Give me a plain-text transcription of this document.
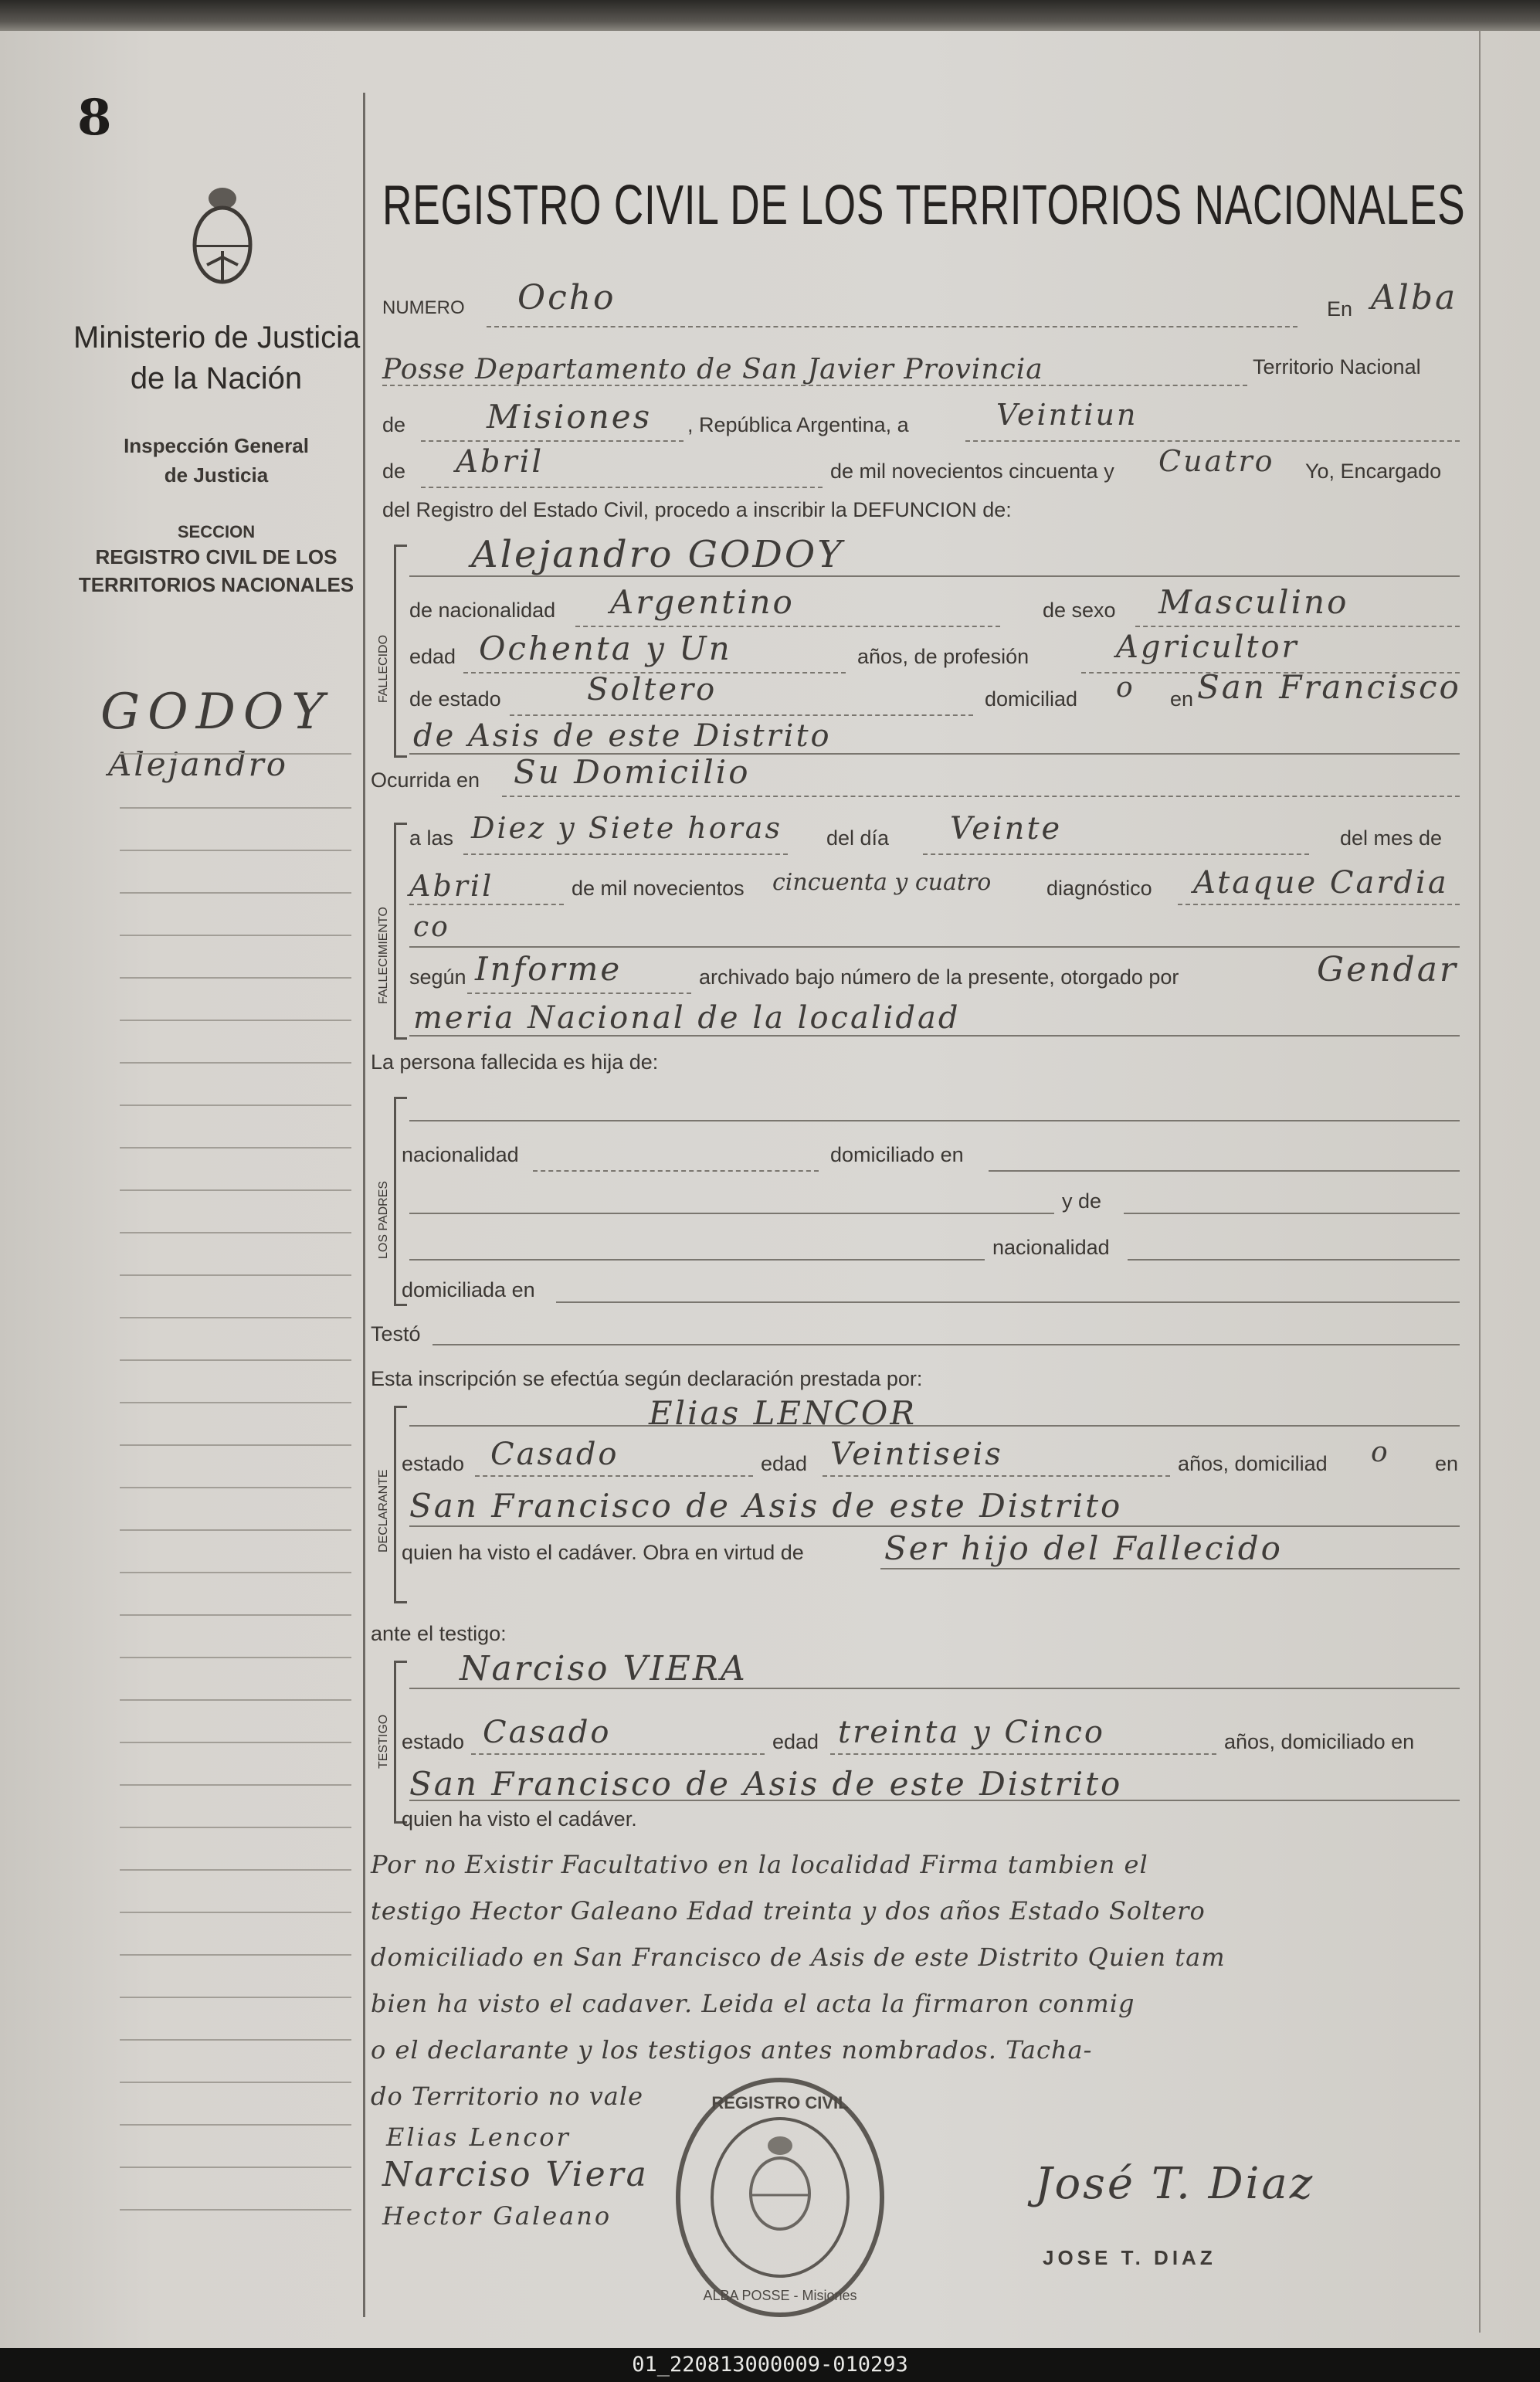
8
Ministerio de Justicia
de la Nación
Inspección General
de Justicia
SECCION
REGISTRO CIVIL DE LOS
TERRITORIOS NACIONALES
GODOY
Alejandro
REGISTRO CIVIL DE LOS TERRITORIOS NACIONALES
NUMERO Ocho	En Alba
Posse Departamento de San Javier Provincia	Territorio Nacional
de Misiones , República Argentina, a	Veintiun
de Abril	de mil novecientos cincuenta y Cuatro Yo, Encargado
del Registro del Estado Civil, procedo a inscribir la DEFUNCION de:
FALLECIDO
Alejandro GODOY
de nacionalidad Argentino	de sexo Masculino
edad Ochenta y Un	años, de profesión	Agricultor
de estado	Soltero	domiciliad o en San Francisco
de Asis de este Distrito
Ocurrida en Su Domicilio
FALLECIMIENTO
a las Diez y Siete horas del día Veinte	del mes de
Abril	de mil novecientos cincuenta y cuatro	diagnóstico Ataque Cardia
co
según Informe	archivado bajo número de la presente, otorgado por	Gendar
meria Nacional de la localidad
La persona fallecida es hija de:
LOS PADRES
nacionalidad	domiciliado en
y de
nacionalidad
domiciliada en
Testó
Esta inscripción se efectúa según declaración prestada por:
DECLARANTE
Elias LENCOR
estado Casado	edad Veintiseis	años, domiciliad o en
San Francisco de Asis de este Distrito
quien ha visto el cadáver. Obra en virtud de Ser hijo del Fallecido
ante el testigo:
TESTIGO
Narciso VIERA
estado Casado	edad treinta y Cinco	años, domiciliado en
San Francisco de Asis de este Distrito
quien ha visto el cadáver.
Por no Existir Facultativo en la localidad Firma tambien el
testigo Hector Galeano Edad treinta y dos años Estado Soltero
domiciliado en San Francisco de Asis de este Distrito Quien tam
bien ha visto el cadaver. Leida el acta la firmaron conmig
o el declarante y los testigos antes nombrados. Tacha-
do Territorio no vale
Elias Lencor
Narciso Viera
Hector Galeano
REGISTRO CIVIL
ALBA POSSE - Misiones
José T. Diaz
JOSE T. DIAZ
01_220813000009-010293
